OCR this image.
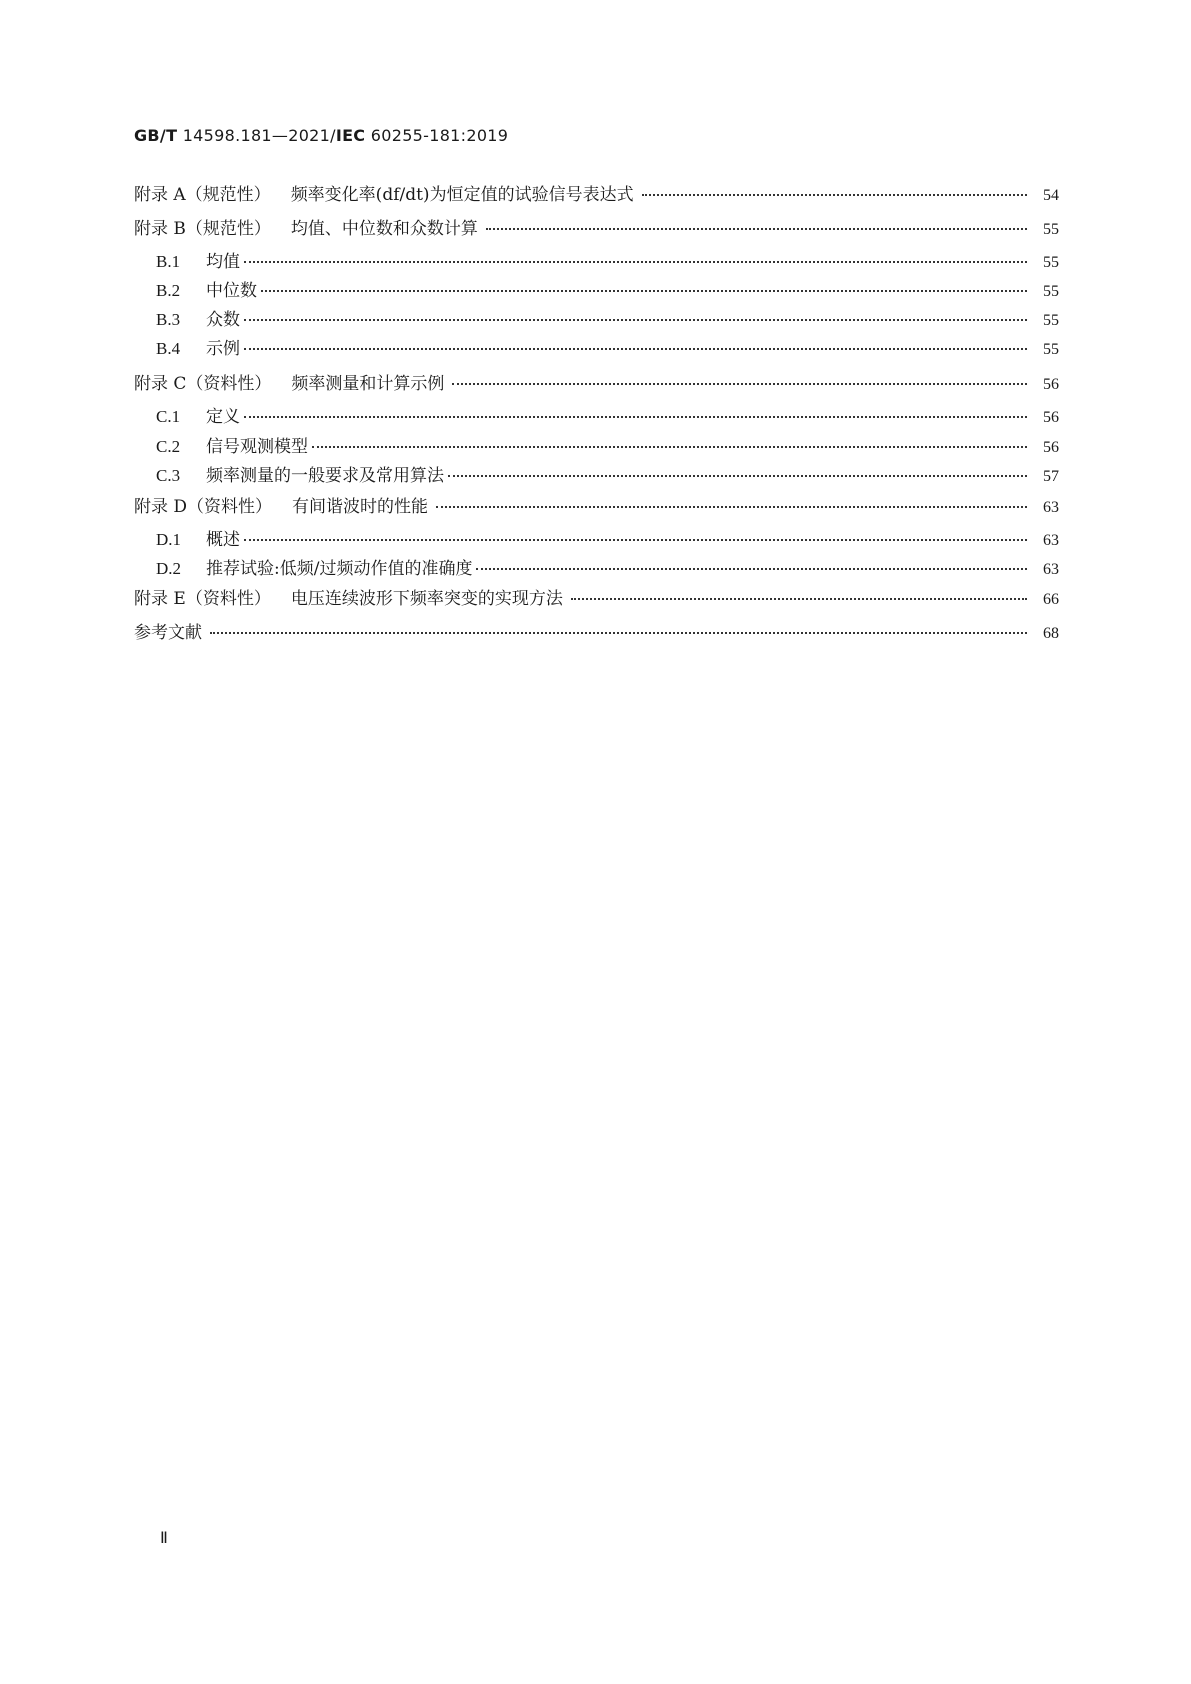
GB/T 14598.181—2021/IEC 60255-181:2019
附录 A（规范性） 频率变化率(df/dt)为恒定值的试验信号表达式	54
附录 B（规范性） 均值、中位数和众数计算	55
B.1	均值	55
B.2	中位数	55
B.3	众数	55
B.4	示例	55
附录 C（资料性） 频率测量和计算示例	56
C.1	定义	56
C.2	信号观测模型	56
C.3	频率测量的一般要求及常用算法	57
附录 D（资料性） 有间谐波时的性能	63
D.1	概述	63
D.2	推荐试验:低频/过频动作值的准确度	63
附录 E（资料性） 电压连续波形下频率突变的实现方法	66
参考文献	68
Ⅱ
